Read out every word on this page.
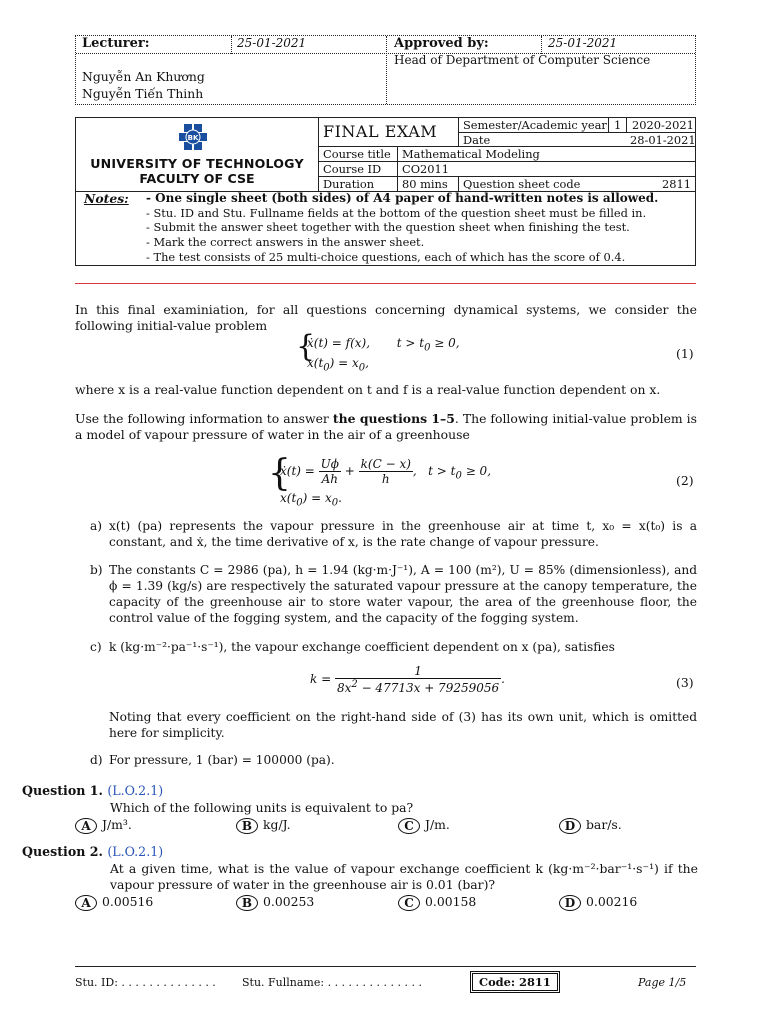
Lecturer:	25-01-2021	Approved by:	25-01-2021
Head of Department of Computer Science
Nguyễn An Khương
Nguyễn Tiến Thinh
BK
UNIVERSITY OF TECHNOLOGY
FACULTY OF CSE
FINAL EXAM Semester/Academic year 1 2020-2021
Date	28-01-2021
Course title Mathematical Modeling
Course ID CO2011
Duration 80 mins Question sheet code	2811
Notes: - One single sheet (both sides) of A4 paper of hand-written notes is allowed.
- Stu. ID and Stu. Fullname fields at the bottom of the question sheet must be filled in.
- Submit the answer sheet together with the question sheet when finishing the test.
- Mark the correct answers in the answer sheet.
- The test consists of 25 multi-choice questions, each of which has the score of 0.4.
In this final examiniation, for all questions concerning dynamical systems, we consider the following initial-value problem
{
ẋ(t) = f(x),       $t > t_0 \ge 0$,
$x(t_0) = x_0$,
(1)
where x is a real-value function dependent on t and f is a real-value function dependent on x.
Use the following information to answer the questions 1–5. The following initial-value problem is a model of vapour pressure of water in the air of a greenhouse
{
ẋ(t) = $\frac{U\phi}{Ah} + \frac{k(C - x)}{h}$ ,   $t > t_0 \ge 0$,
$x(t_0) = x_0$.
(2)
a) x(t) (pa) represents the vapour pressure in the greenhouse air at time t, x₀ = x(t₀) is a constant, and ẋ, the time derivative of x, is the rate change of vapour pressure.
b) The constants C = 2986 (pa), h = 1.94 (kg·m·J⁻¹), A = 100 (m²), U = 85% (dimensionless), and ϕ = 1.39 (kg/s) are respectively the saturated vapour pressure at the canopy temperature, the capacity of the greenhouse air to store water vapour, the area of the greenhouse floor, the control value of the fogging system, and the capacity of the fogging system.
c) k (kg·m⁻²·pa⁻¹·s⁻¹), the vapour exchange coefficient dependent on x (pa), satisfies
$k = \frac{1}{8x^2 - 47713x + 79259056}$ .	(3)
Noting that every coefficient on the right-hand side of (3) has its own unit, which is omitted here for simplicity.
d) For pressure, 1 (bar) = 100000 (pa).
Question 1. (L.O.2.1)
Which of the following units is equivalent to pa?
A J/m³.	B kg/J.	C J/m.	D bar/s.
Question 2. (L.O.2.1)
At a given time, what is the value of vapour exchange coefficient k (kg·m⁻²·bar⁻¹·s⁻¹) if the vapour pressure of water in the greenhouse air is 0.01 (bar)?
A 0.00516	B 0.00253	C 0.00158	D 0.00216
Stu. ID: . . . . . . . . . . . . . . Stu. Fullname: . . . . . . . . . . . . . .	Code: 2811	Page 1/5
